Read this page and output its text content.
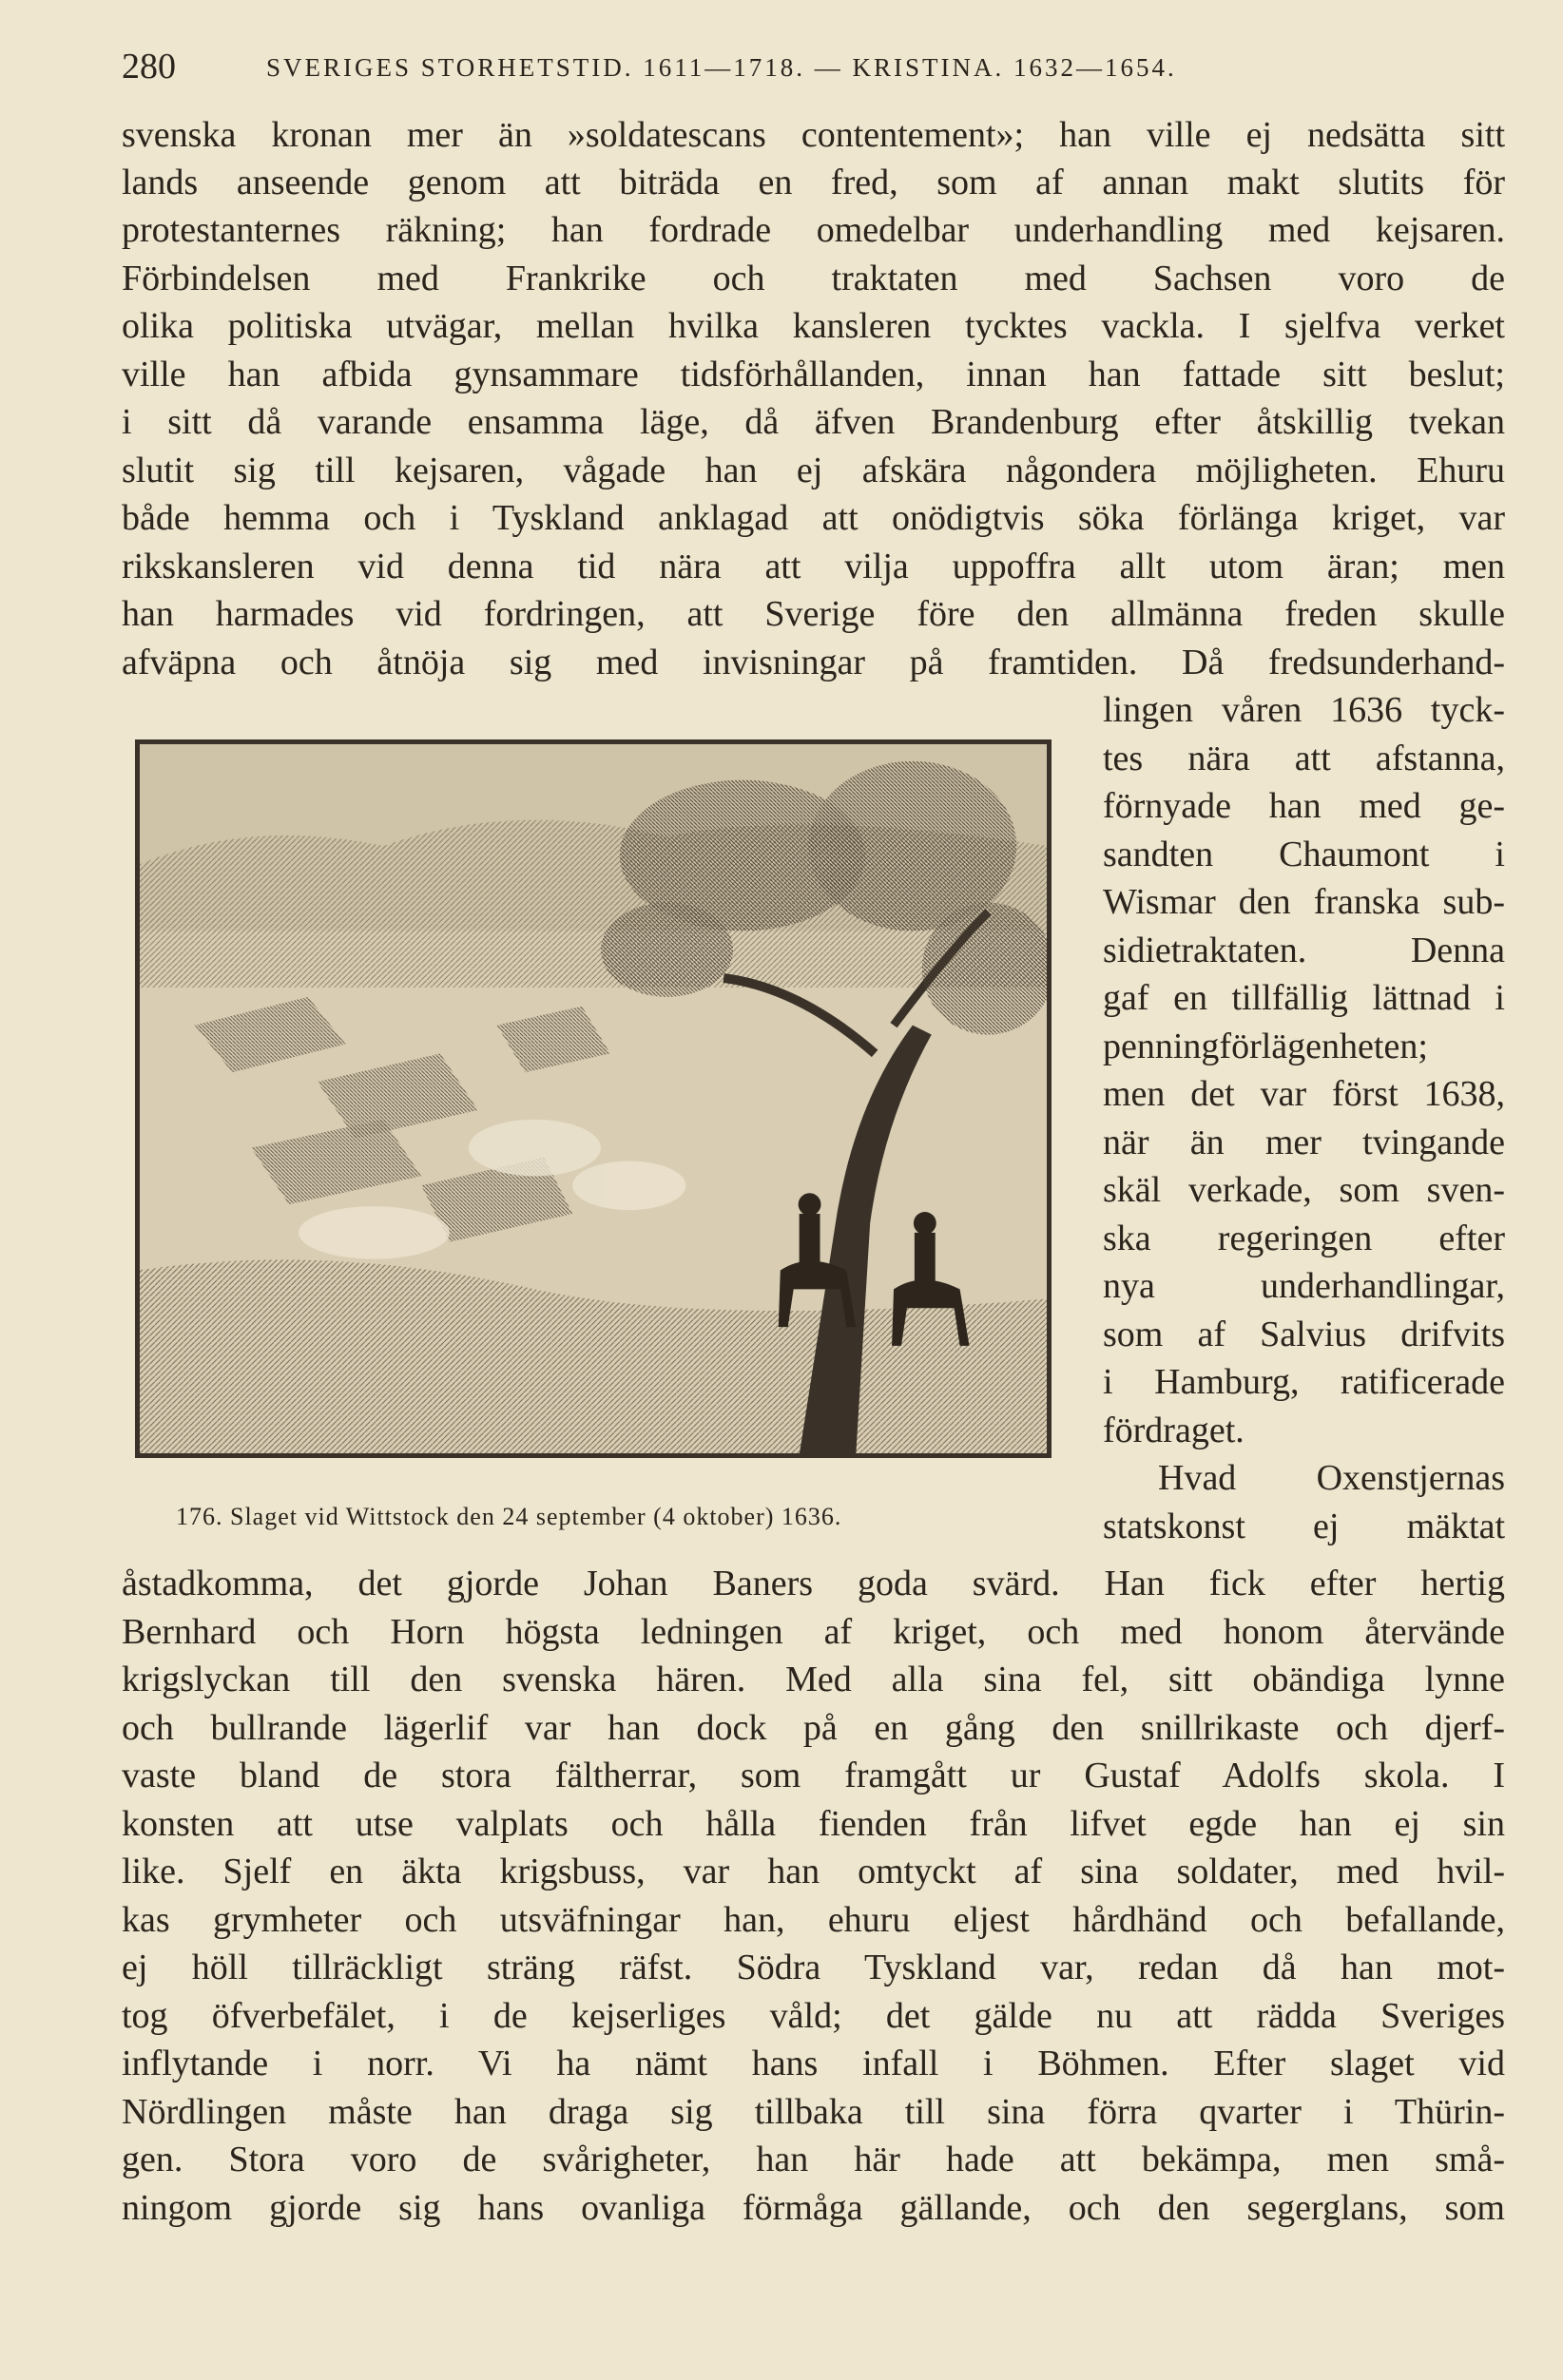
280	SVERIGES STORHETSTID. 1611—1718. — KRISTINA. 1632—1654.
svenska kronan mer än »soldatescans contentement»; han ville ej nedsätta sitt
lands anseende genom att biträda en fred, som af annan makt slutits för
protestanternes räkning; han fordrade omedelbar underhandling med kejsaren.
Förbindelsen med Frankrike och traktaten med Sachsen voro de
olika politiska utvägar, mellan hvilka kansleren tycktes vackla. I sjelfva verket
ville han afbida gynsammare tidsförhållanden, innan han fattade sitt beslut;
i sitt då varande ensamma läge, då äfven Brandenburg efter åtskillig tvekan
slutit sig till kejsaren, vågade han ej afskära någondera möjligheten. Ehuru
både hemma och i Tyskland anklagad att onödigtvis söka förlänga kriget, var
rikskansleren vid denna tid nära att vilja uppoffra allt utom äran; men
han harmades vid fordringen, att Sverige före den allmänna freden skulle
afväpna och åtnöja sig med invisningar på framtiden. Då fredsunderhand-
lingen våren 1636 tyck-
tes nära att afstanna,
förnyade han med ge-
sandten Chaumont i
Wismar den franska sub-
sidietraktaten. Denna
gaf en tillfällig lättnad i
penningförlägenheten;
men det var först 1638,
när än mer tvingande
skäl verkade, som sven-
ska regeringen efter
nya underhandlingar,
som af Salvius drifvits
i Hamburg, ratificerade
fördraget.
Hvad Oxenstjernas
statskonst ej mäktat
176. Slaget vid Wittstock den 24 september (4 oktober) 1636.
åstadkomma, det gjorde Johan Baners goda svärd. Han fick efter hertig
Bernhard och Horn högsta ledningen af kriget, och med honom återvände
krigslyckan till den svenska hären. Med alla sina fel, sitt obändiga lynne
och bullrande lägerlif var han dock på en gång den snillrikaste och djerf-
vaste bland de stora fältherrar, som framgått ur Gustaf Adolfs skola. I
konsten att utse valplats och hålla fienden från lifvet egde han ej sin
like. Sjelf en äkta krigsbuss, var han omtyckt af sina soldater, med hvil-
kas grymheter och utsväfningar han, ehuru eljest hårdhänd och befallande,
ej höll tillräckligt sträng räfst. Södra Tyskland var, redan då han mot-
tog öfverbefälet, i de kejserliges våld; det gälde nu att rädda Sveriges
inflytande i norr. Vi ha nämt hans infall i Böhmen. Efter slaget vid
Nördlingen måste han draga sig tillbaka till sina förra qvarter i Thürin-
gen. Stora voro de svårigheter, han här hade att bekämpa, men små-
ningom gjorde sig hans ovanliga förmåga gällande, och den segerglans, som
